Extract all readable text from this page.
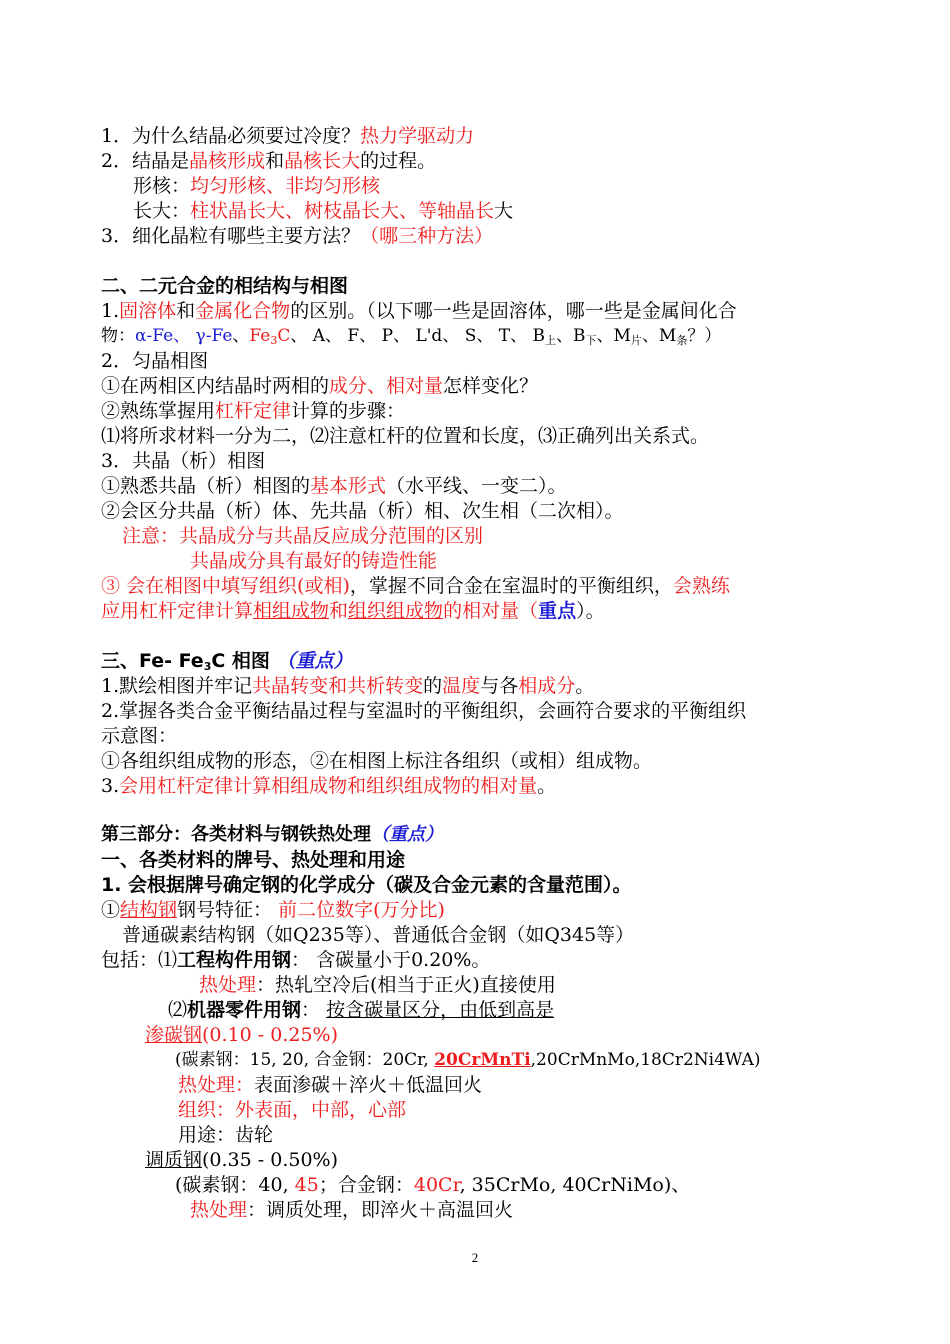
1．为什么结晶必须要过冷度？热力学驱动力
2．结晶是晶核形成和晶核长大的过程。
形核：均匀形核、非均匀形核
长大：柱状晶长大、树枝晶长大、等轴晶长大
3．细化晶粒有哪些主要方法？（哪三种方法）
二、二元合金的相结构与相图
1.固溶体和金属化合物的区别。（以下哪一些是固溶体，哪一些是金属间化合
物：α-Fe、 γ-Fe、$Fe_3C$、 A、 F、 P、 L'd、 S、 T、 $B_上$、$B_下$、$M_片$、$M_条$？）
2．匀晶相图
①在两相区内结晶时两相的成分、相对量怎样变化？
②熟练掌握用杠杆定律计算的步骤：
⑴将所求材料一分为二，⑵注意杠杆的位置和长度，⑶正确列出关系式。
3．共晶（析）相图
①熟悉共晶（析）相图的基本形式（水平线、一变二）。
②会区分共晶（析）体、先共晶（析）相、次生相（二次相）。
注意：共晶成分与共晶反应成分范围的区别
共晶成分具有最好的铸造性能
③ 会在相图中填写组织(或相)，掌握不同合金在室温时的平衡组织，会熟练
应用杠杆定律计算相组成物和组织组成物的相对量（重点）。
三、Fe- $Fe_3C$ 相图 （重点）
1.默绘相图并牢记共晶转变和共析转变的温度与各相成分。
2.掌握各类合金平衡结晶过程与室温时的平衡组织，会画符合要求的平衡组织
示意图：
①各组织组成物的形态，②在相图上标注各组织（或相）组成物。
3.会用杠杆定律计算相组成物和组织组成物的相对量。
第三部分：各类材料与钢铁热处理（重点）
一、各类材料的牌号、热处理和用途
1. 会根据牌号确定钢的化学成分（碳及合金元素的含量范围）。
①结构钢钢号特征： 前二位数字(万分比)
普通碳素结构钢（如Q235等）、普通低合金钢（如Q345等）
包括：⑴工程构件用钢： 含碳量小于0.20%。
热处理：热轧空冷后(相当于正火)直接使用
⑵机器零件用钢： 按含碳量区分，由低到高是
渗碳钢(0.10 - 0.25%)
(碳素钢：15, 20, 合金钢：20Cr, 20CrMnTi,20CrMnMo,18Cr2Ni4WA)
热处理：表面渗碳＋淬火＋低温回火
组织：外表面，中部，心部
用途：齿轮
调质钢(0.35 - 0.50%)
(碳素钢：40, 45；合金钢：40Cr, 35CrMo, 40CrNiMo)、
热处理：调质处理，即淬火＋高温回火
2
